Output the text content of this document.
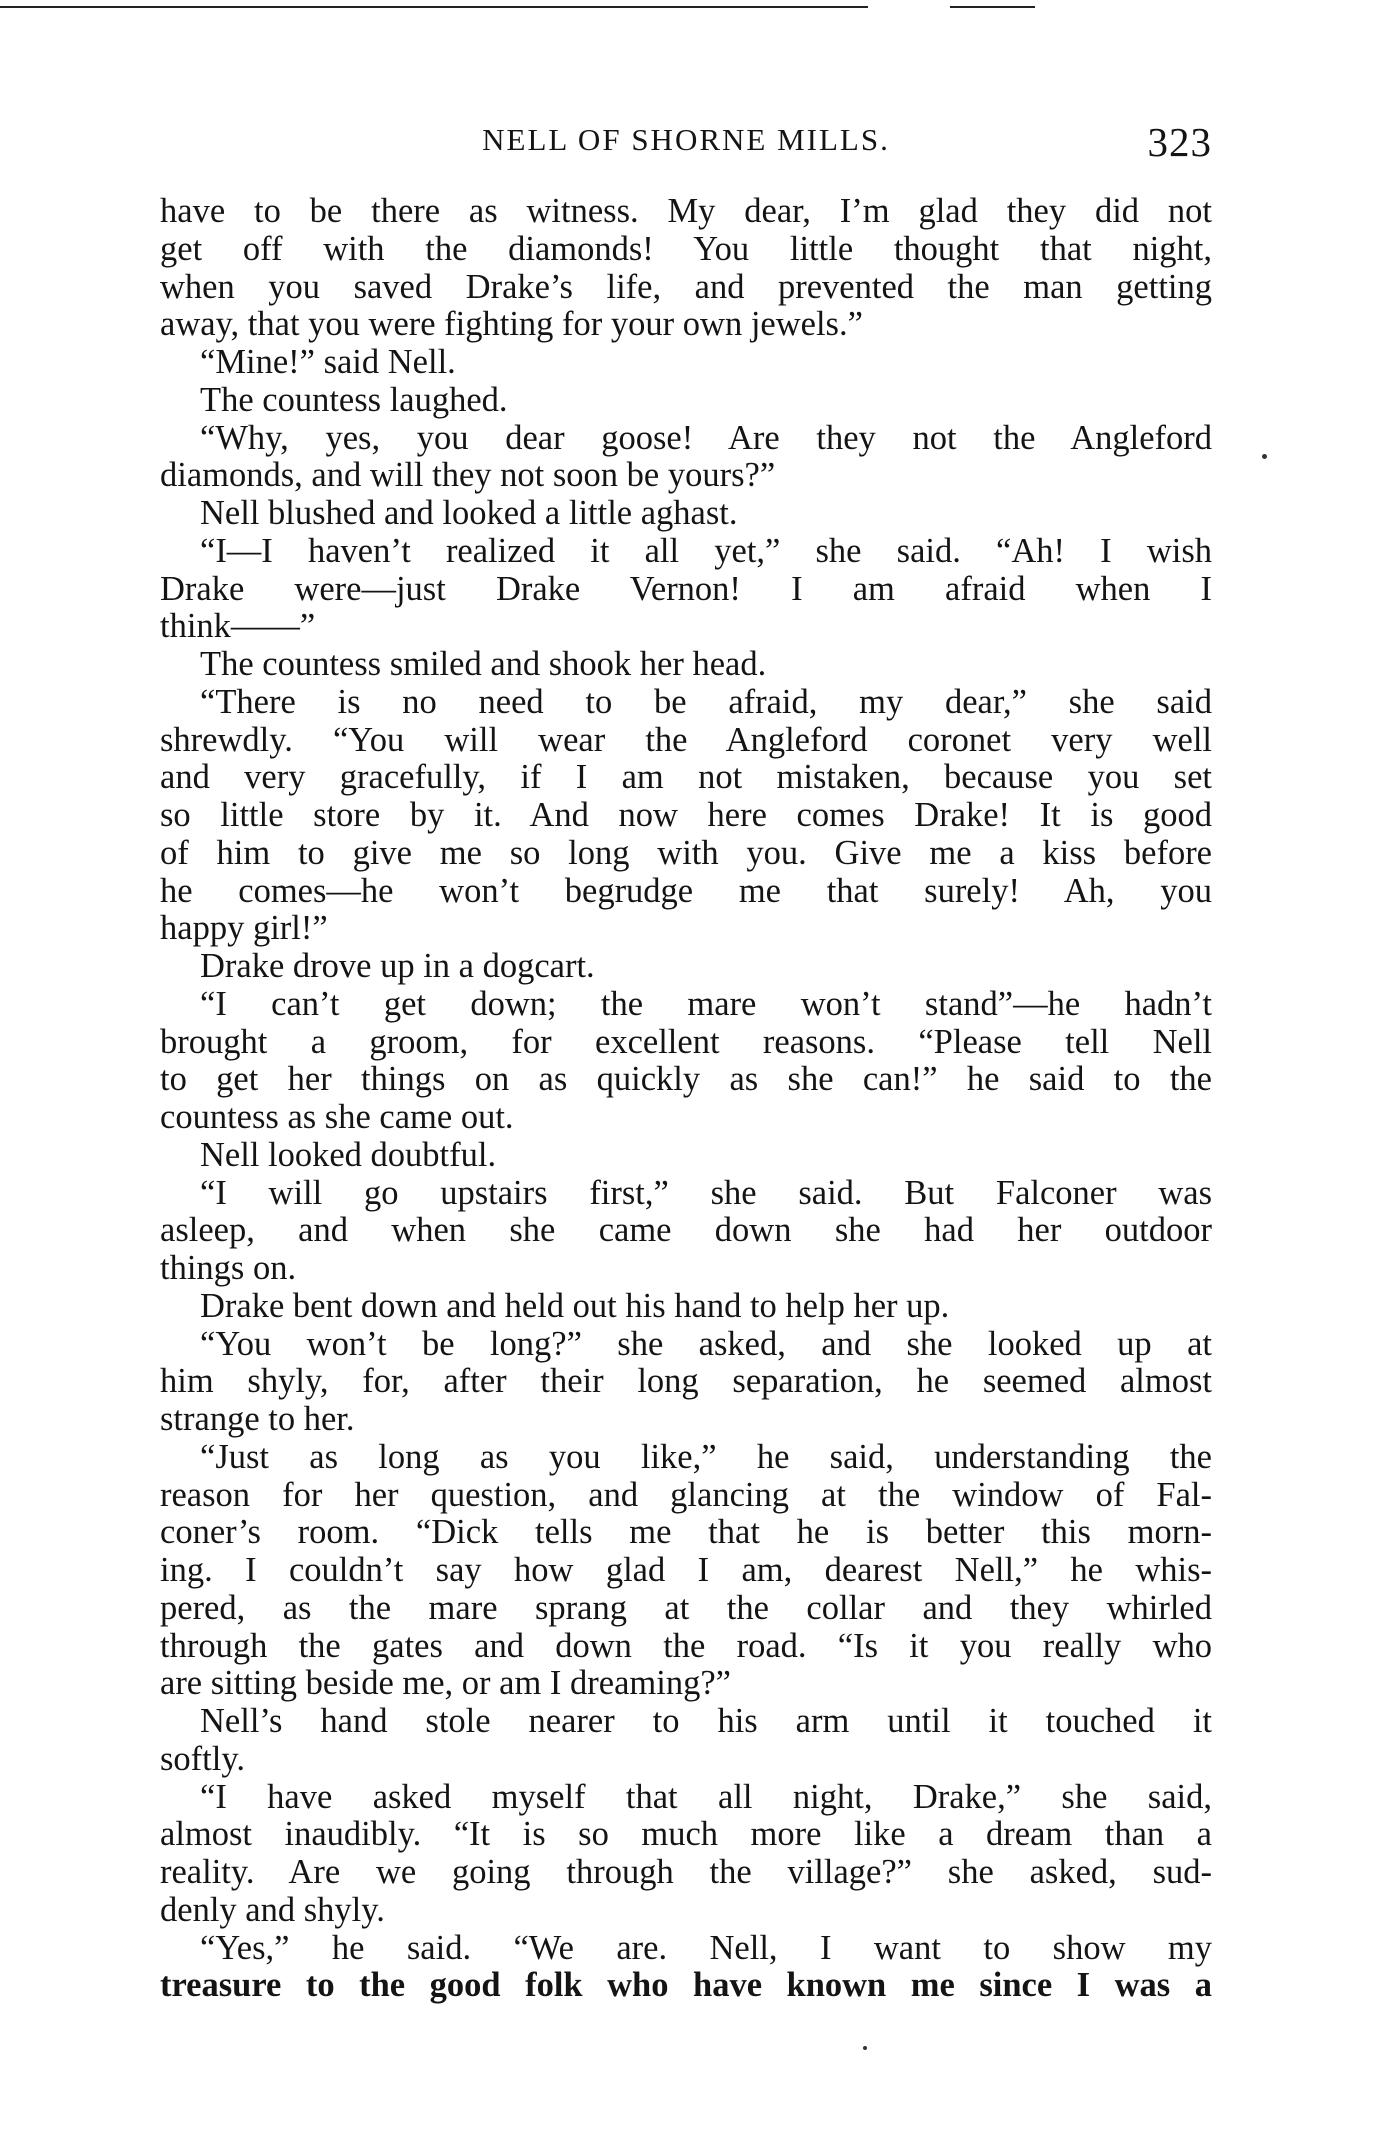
NELL OF SHORNE MILLS.	323
have to be there as witness. My dear, I’m glad they did not
get off with the diamonds! You little thought that night,
when you saved Drake’s life, and prevented the man getting
away, that you were fighting for your own jewels.”
“Mine!” said Nell.
The countess laughed.
“Why, yes, you dear goose! Are they not the Angleford
diamonds, and will they not soon be yours?”
Nell blushed and looked a little aghast.
“I—I haven’t realized it all yet,” she said. “Ah! I wish
Drake were—just Drake Vernon! I am afraid when I
think——”
The countess smiled and shook her head.
“There is no need to be afraid, my dear,” she said
shrewdly. “You will wear the Angleford coronet very well
and very gracefully, if I am not mistaken, because you set
so little store by it. And now here comes Drake! It is good
of him to give me so long with you. Give me a kiss before
he comes—he won’t begrudge me that surely! Ah, you
happy girl!”
Drake drove up in a dogcart.
“I can’t get down; the mare won’t stand”—he hadn’t
brought a groom, for excellent reasons. “Please tell Nell
to get her things on as quickly as she can!” he said to the
countess as she came out.
Nell looked doubtful.
“I will go upstairs first,” she said. But Falconer was
asleep, and when she came down she had her outdoor
things on.
Drake bent down and held out his hand to help her up.
“You won’t be long?” she asked, and she looked up at
him shyly, for, after their long separation, he seemed almost
strange to her.
“Just as long as you like,” he said, understanding the
reason for her question, and glancing at the window of Fal-
coner’s room. “Dick tells me that he is better this morn-
ing. I couldn’t say how glad I am, dearest Nell,” he whis-
pered, as the mare sprang at the collar and they whirled
through the gates and down the road. “Is it you really who
are sitting beside me, or am I dreaming?”
Nell’s hand stole nearer to his arm until it touched it
softly.
“I have asked myself that all night, Drake,” she said,
almost inaudibly. “It is so much more like a dream than a
reality. Are we going through the village?” she asked, sud-
denly and shyly.
“Yes,” he said. “We are. Nell, I want to show my
treasure to the good folk who have known me since I was a
